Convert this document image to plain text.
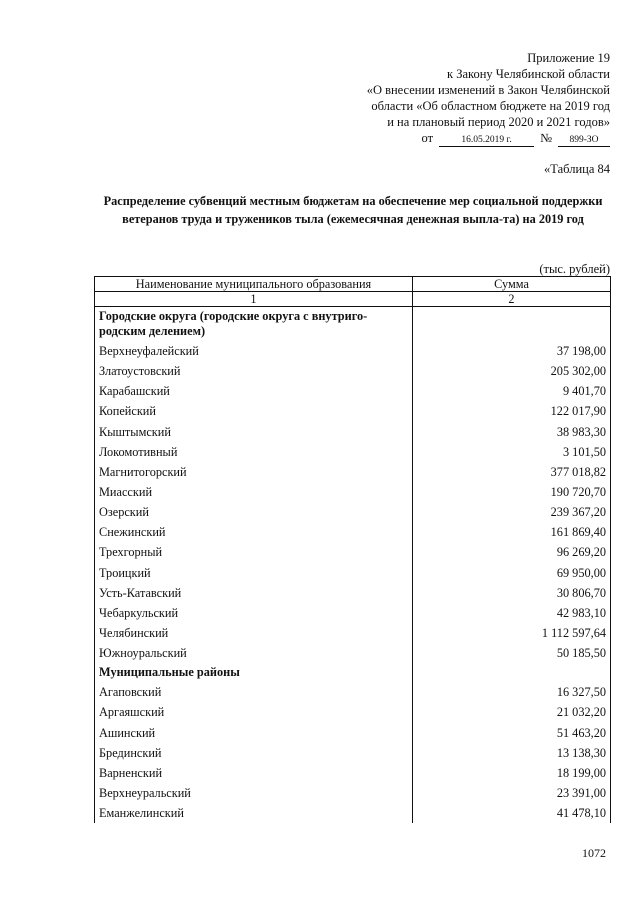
Приложение 19
к Закону Челябинской области
«О внесении изменений в Закон Челябинской
области «Об областном бюджете на 2019 год
и на плановый период 2020 и 2021 годов»
от	16.05.2019 г.	№	899-ЗО
«Таблица 84
Распределение субвенций местным бюджетам на обеспечение мер социальной поддержки ветеранов труда и тружеников тыла (ежемесячная денежная выпла-та) на 2019 год
(тыс. рублей)
Наименование муниципального образования	Сумма
1	2
Городские округа (городские округа с внутриго-родским делением)	
Верхнеуфалейский	37 198,00
Златоустовский	205 302,00
Карабашский	9 401,70
Копейский	122 017,90
Кыштымский	38 983,30
Локомотивный	3 101,50
Магнитогорский	377 018,82
Миасский	190 720,70
Озерский	239 367,20
Снежинский	161 869,40
Трехгорный	96 269,20
Троицкий	69 950,00
Усть-Катавский	30 806,70
Чебаркульский	42 983,10
Челябинский	1 112 597,64
Южноуральский	50 185,50
Муниципальные районы	
Агаповский	16 327,50
Аргаяшский	21 032,20
Ашинский	51 463,20
Брединский	13 138,30
Варненский	18 199,00
Верхнеуральский	23 391,00
Еманжелинский	41 478,10
1072
